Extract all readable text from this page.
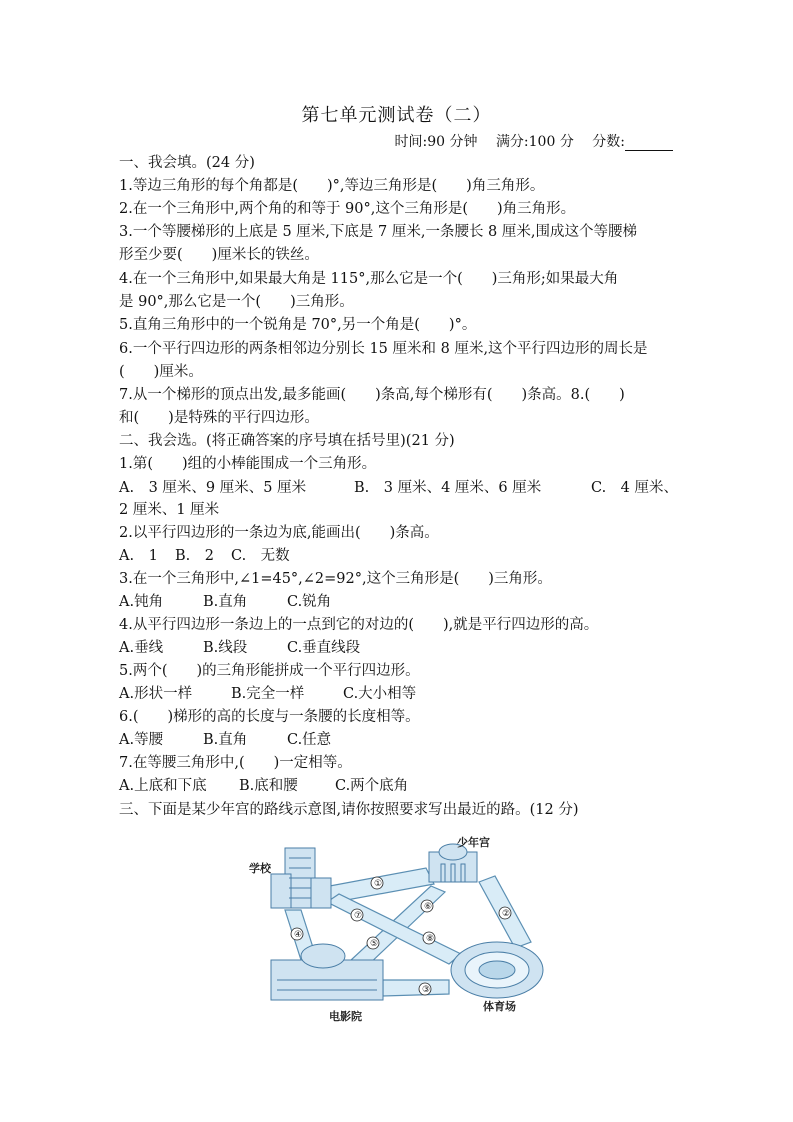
第七单元测试卷（二）
时间:90 分钟 满分:100 分 分数:
一、我会填。(24 分)
1.等边三角形的每个角都是(　　)°,等边三角形是(　　)角三角形。
2.在一个三角形中,两个角的和等于 90°,这个三角形是(　　)角三角形。
3.一个等腰梯形的上底是 5 厘米,下底是 7 厘米,一条腰长 8 厘米,围成这个等腰梯
形至少要(　　)厘米长的铁丝。
4.在一个三角形中,如果最大角是 115°,那么它是一个(　　)三角形;如果最大角
是 90°,那么它是一个(　　)三角形。
5.直角三角形中的一个锐角是 70°,另一个角是(　　)°。
6.一个平行四边形的两条相邻边分别长 15 厘米和 8 厘米,这个平行四边形的周长是
(　　)厘米。
7.从一个梯形的顶点出发,最多能画(　　)条高,每个梯形有(　　)条高。8.(　　)
和(　　)是特殊的平行四边形。
二、我会选。(将正确答案的序号填在括号里)(21 分)
1.第(　　)组的小棒能围成一个三角形。
A.　3 厘米、9 厘米、5 厘米	B.　3 厘米、4 厘米、6 厘米	C.　4 厘米、
2 厘米、1 厘米
2.以平行四边形的一条边为底,能画出(　　)条高。
A.　1 B.　2 C.　无数
3.在一个三角形中,∠1=45°,∠2=92°,这个三角形是(　　)三角形。
A.钝角	B.直角	C.锐角
4.从平行四边形一条边上的一点到它的对边的(　　),就是平行四边形的高。
A.垂线	B.线段	C.垂直线段
5.两个(　　)的三角形能拼成一个平行四边形。
A.形状一样	B.完全一样	C.大小相等
6.(　　)梯形的高的长度与一条腰的长度相等。
A.等腰	B.直角	C.任意
7.在等腰三角形中,(　　)一定相等。
A.上底和下底 B.底和腰	C.两个底角
三、下面是某少年宫的路线示意图,请你按照要求写出最近的路。(12 分)
学校
少年宫
电影院
体育场
①
②
③
④
⑤
⑥
⑦
⑧
